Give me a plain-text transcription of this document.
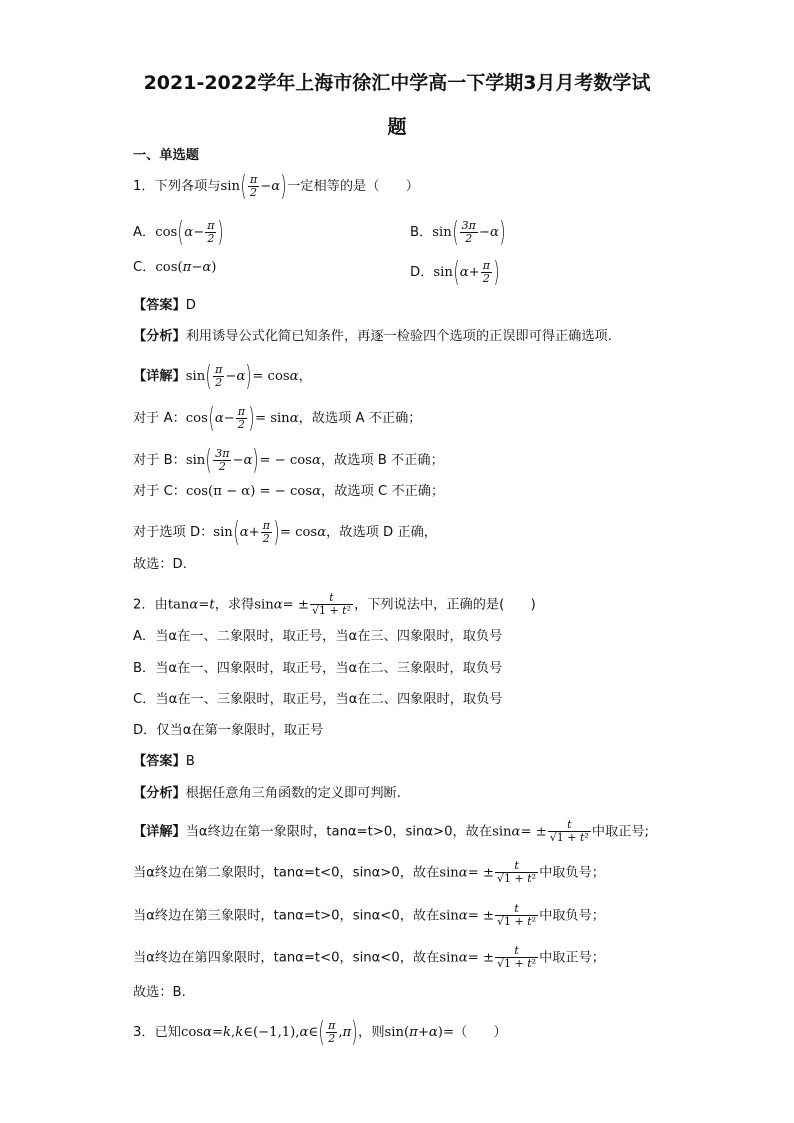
2021-2022学年上海市徐汇中学高一下学期3月月考数学试
题
一、单选题
1．下列各项与$\sin( \frac{\pi}{2} -\alpha)$一定相等的是（　　）
A．$\cos(\alpha- \frac{\pi}{2}$ )	B．$\sin( \frac{3\pi}{2} -\alpha)$
C．cos(π−α)	D．$\sin(\alpha+ \frac{\pi}{2}$ )
【答案】D
【分析】利用诱导公式化简已知条件，再逐一检验四个选项的正误即可得正确选项.
【详解】$\sin( \frac{\pi}{2} -\alpha)= \cos\alpha$，
对于 A：$\cos(\alpha- \frac{\pi}{2}$ )= sinα，故选项 A 不正确；
对于 B：$\sin( \frac{3\pi}{2} -\alpha)= - \cos\alpha$，故选项 B 不正确；
对于 C：cos(π − α) = − cosα，故选项 C 不正确；
对于选项 D：$\sin(\alpha+ \frac{\pi}{2}$ )= cosα，故选项 D 正确，
故选：D.
2．由tanα=t，求得$\sin\alpha= \pm \frac{t}{\text{√1 + t²}}$ ，下列说法中，正确的是(　　)
A．当α在一、二象限时，取正号，当α在三、四象限时，取负号
B．当α在一、四象限时，取正号，当α在二、三象限时，取负号
C．当α在一、三象限时，取正号，当α在二、四象限时，取负号
D．仅当α在第一象限时，取正号
【答案】B
【分析】根据任意角三角函数的定义即可判断.
【详解】当α终边在第一象限时，tanα=t>0，sinα>0，故在$\sin\alpha= \pm \frac{t}{\text{√1 + t²}}$ 中取正号;
当α终边在第二象限时，tanα=t<0，sinα>0，故在$\sin\alpha= \pm \frac{t}{\text{√1 + t²}}$ 中取负号；
当α终边在第三象限时，tanα=t>0，sinα<0，故在$\sin\alpha= \pm \frac{t}{\text{√1 + t²}}$ 中取负号；
当α终边在第四象限时，tanα=t<0，sinα<0，故在$\sin\alpha= \pm \frac{t}{\text{√1 + t²}}$ 中取正号；
故选：B.
3．已知cosα=k,k∈(−1,1),α∈( $\frac{\pi}{2} ,\pi$)，则sin(π+α)=（　　）
